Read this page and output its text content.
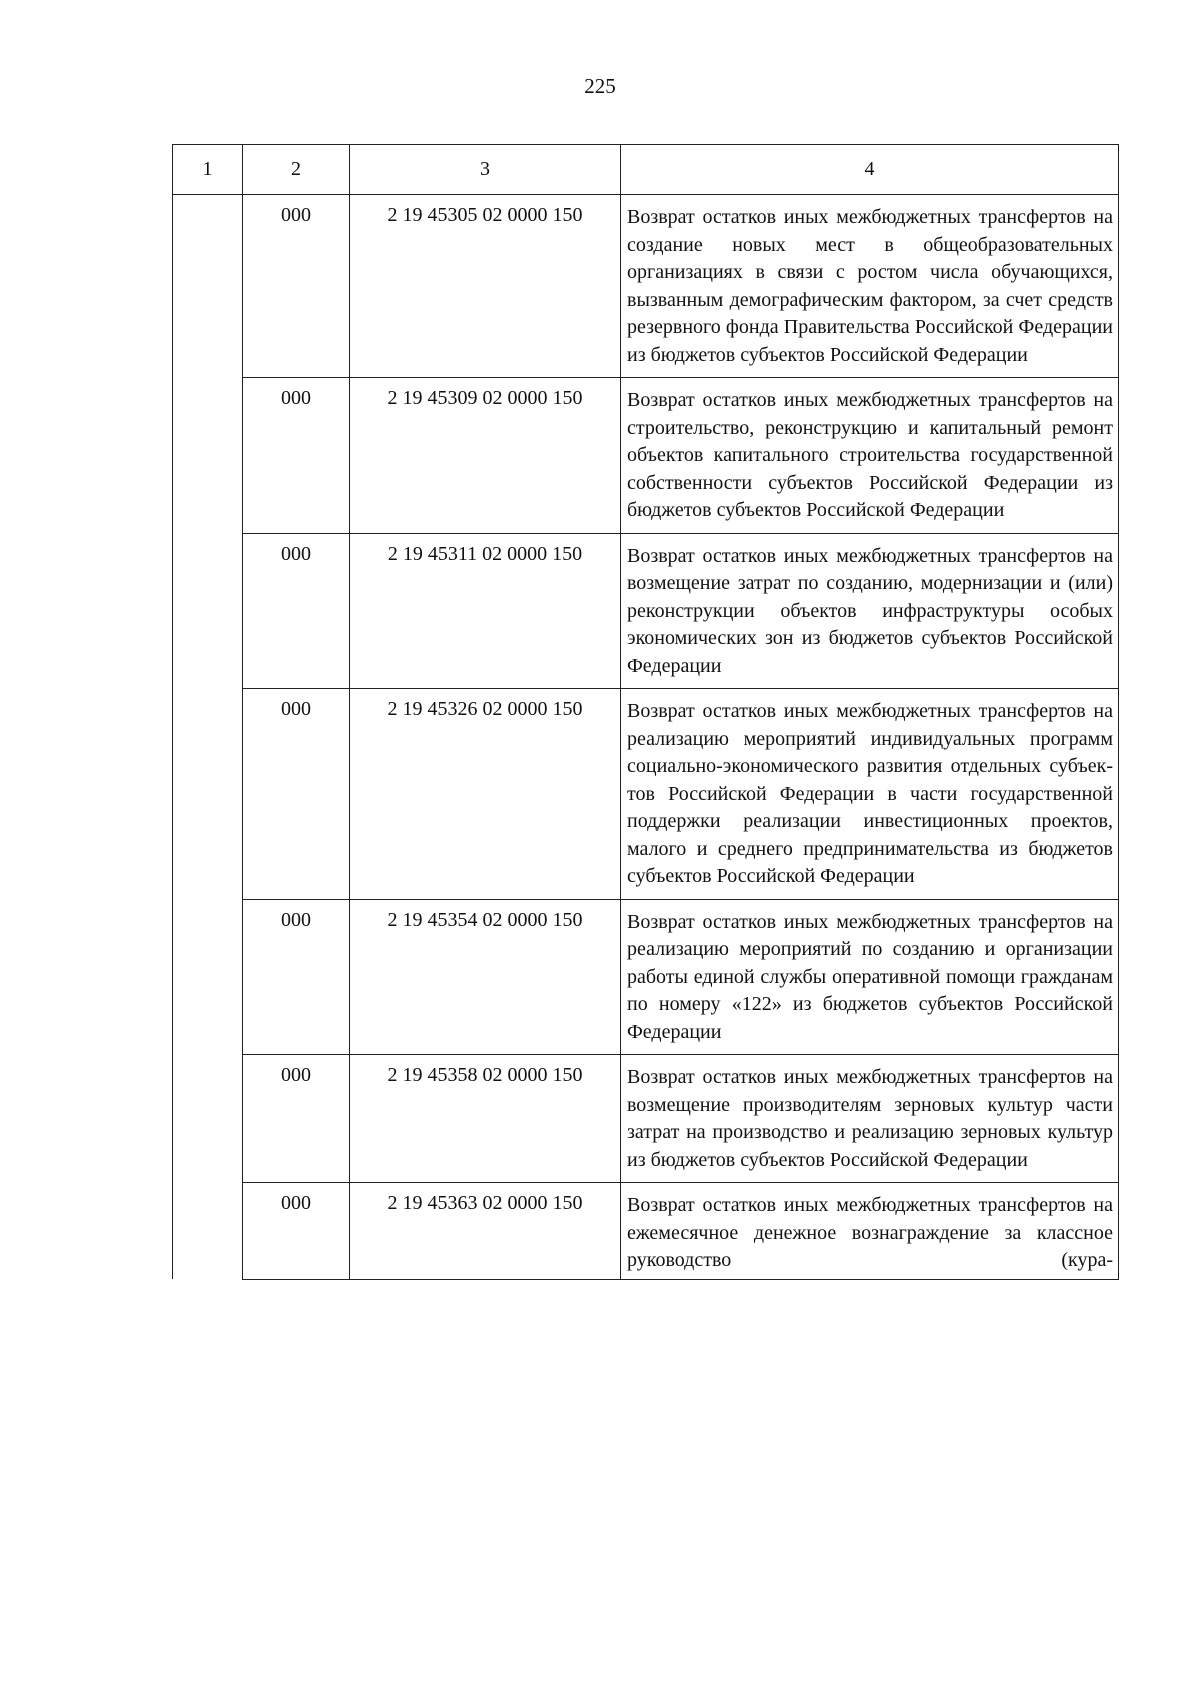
225
1	2	3	4
	000	2 19 45305 02 0000 150	Возврат остатков иных межбюджетных трансфертов на создание новых мест в общеобразовательных организациях в связи с ростом числа обучающихся, вызванным демографическим фактором, за счет средств резервного фонда Правительства Российской Федерации из бюджетов субъектов Российской Федерации
	000	2 19 45309 02 0000 150	Возврат остатков иных межбюджетных трансфертов на строительство, реконструкцию и капитальный ремонт объектов капитального строительства государственной собственности субъектов Российской Федерации из бюджетов субъектов Российской Федерации
	000	2 19 45311 02 0000 150	Возврат остатков иных межбюджетных трансфертов на возмещение затрат по созданию, модернизации и (или) реконструкции объектов инфраструктуры особых экономических зон из бюджетов субъектов Российской Федерации
	000	2 19 45326 02 0000 150	Возврат остатков иных межбюджетных трансфертов на реализацию мероприятий индивидуальных программ социально-экономического развития отдельных субъектов Российской Федерации в части государственной поддержки реализации инвестиционных проектов, малого и среднего предпринимательства из бюджетов субъектов Российской Федерации
	000	2 19 45354 02 0000 150	Возврат остатков иных межбюджетных трансфертов на реализацию мероприятий по созданию и организации работы единой службы оперативной помощи гражданам по номеру «122» из бюджетов субъектов Российской Федерации
	000	2 19 45358 02 0000 150	Возврат остатков иных межбюджетных трансфертов на возмещение производителям зерновых культур части затрат на производство и реализацию зерновых культур из бюджетов субъектов Российской Федерации
	000	2 19 45363 02 0000 150	Возврат остатков иных межбюджетных трансфертов на ежемесячное денежное вознаграждение за классное руководство (кура-
